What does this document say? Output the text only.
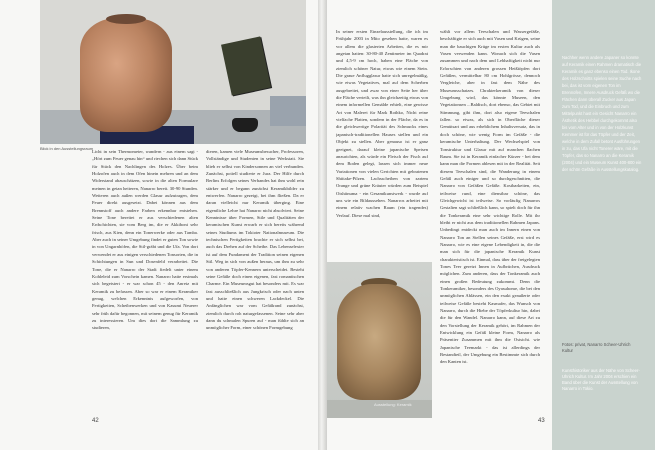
Blick in den Ausstellungsraum
Licht in sein Thermometer, wandern - aus einem sagt - „Hört zum Feuer genau hin“ und riechen sich dann Stück für Stück den Nachlingen des Holzes. Über beim Holzofen auch in dem Ofen hinein mehren und an dem Widerstand abzuschätzen, sowie in die alten Formulare meinen in getan heiteren, Nanarro bereit. 30-90 Stunden. Weiteren auch außen werden Glasur aufzutragen, dem Feuer direkt ausgesetzt. Dabei können aus dem Brennstoff auch andere Farben erkennbar entstehen. Seine Tone bereitet er aus verschiedenen alten Erdschichten, sie vom Berg im, die er Akkiboni sehr frisch, aus Kien, denn ein Tonerwerke oder aus Tamba. Aber auch in seiner Umgebung findet er guten Ton sowie in von Ungarnhöfen, die Stil-gräbt und die Ufa. Von dort verwendet er aus einigen verschiedenen Tonsorten, die in Schichtungen in Sun und Dosenfeld verarbeitet. Die Tone, die er Nanarro der Stadt fiedelt unter einem Kohleleid zum Vorschein kamen. Nanarro hatte erstmals sich begeistert - er war schon 45 - den Anreiz mit Keramik zu befassen. Aber so war er einem Keramiker genug, welchen Erkenntnis aufgeworfen, von Fertigkeiten, Scheibenwerken und von Kasumi Neuerer sehr früh dafür begonnen, mit seinem genug für Keramik zu interessieren. Um dies dort die Sammlung zu studieren,
dieren, kamen viele Museumsbesucher, Professoren, Vollständige und Studenten in seine Werkstatt. Sie blieb er selbst von Kindersonnen an viel verbunden. Zunächst, potiell studierte er Jura. Der Hilfe durch Berlins Erfolgen seines Verbandes hat ihm wohl rein stärker und er begann zunächst Keramikbilder zu entwerfen. Nanarro gezeigt, bei ihm fließen. Da er daran vielleicht nur Keramik überging. Eine eigentliche Lehre hat Nanarro nicht absolviert. Seine Kenntnisse über Formen, Stile und Qualitäten der keramischen Kunst erwarb er sich bereits während seines Studiums im Tokioter Nationalmuseum. Die technischen Fertigkeiten brachte er sich selbst bei, auch das Drehen auf der Scheibe. Das Lebenselexier ist auf dem Fundament der Tradition seinen eigenen Stil. Weg in sich von außen heraus, um ihm zu sehr von anderen Töpfer-Kennern unterscheidet. Besteht seine Gefäße doch einen eigenen, fast romantischen Charme. Ein Museumsgut hat besonders mit. Es war fast ausschließlich aus Jungkrisch oder nach unten und hatte einen schweren Lackdeckel. Die Anfänglichen war vom Gefäßrand zunächst, ziemlich durch roh naturgefassenen. Seine sehr aber dann du schmalen Spuren auf - man fühlte sich an unmöglicher Form, einer schönen Formgebung
42
In seiner ersten Einzelausstellung, die ich im Frühjahr 2003 in Mito gesehen hatte, waren es vor allem die glasierten Arbeiten, die es mir angetan hatten: 30-80-40 Zentimeter im Quadrat und 4,5-9 cm hoch, haben eine Fläche von ziemlich schöner Natur, etwas wie einem Stein. Die graue Anflugglasur hatte sich unregelmäßig, wie etwas Vegetatives, mal auf dem Scherben ausgebreitet, und zwar von einer Seite her über die Fläche verteilt, was ihn gleichzeitig etwas von einem informellen Gemälde erhielt, eine gewisse Art von Malerei für Mark Rothko, Nicht reine vielfache Platten, sondern in der Fläche, da es in die gleichwertige Polarität des Schmucks eines japanisch-traditionellen Hauses stellen und ein Objekt zu stellen. Aber genauso ist er ganz geeignet, darauf kleine japanische Speisen anzurichten, als würde ein Fleisch der Fisch auf dem Boden gelegt, lassen sich immer neue Variationen von vielen Gerichten mit gebratenen Shiitake-Pilzen. Lachsscheiben von zartem Orange und grüne Kräuter würden zum Beispiel Oishiinuma - ein Gesamtkunstwerk - wurde auf uns wie ein Bildaussehen. Nanarros arbeitet mit einem relativ wachen Raum (ein tragendes) Verlauf. Diese mal sind,
wählt vor allem Teeschalen und Wassergefäße, beschäftigte er sich auch mit Vasen und Krügen, seine man die bauchigen Krüge im ersten Kultur auch als Vasen verwenden kann. Wonach sich die Vasen zusammen und nach dem und Lebhaftigkeit nicht nur Erforschten von anderen grossen Heißtöpfen dort Gefäßen, vermittelbar 80 cm Hohlgrösse, dennoch Vergleiche, aber in fast dem Nähe des Museumsschatzes. Chrakterkeramik von dieser Umgebung wird, das könnte Museen, den Vegetationsen ...Baldisch, dort ebenso, das Gebiet mit Stimmung, gibt ihm, dort also eigene Teeschalen fallen. so etwas, als sich in Oberfläche dieser Gemütsart und aus erheblichem Inhaltsversatz, das in doch schöne, wie wenig Form im Gefäße - die keramische Unterhaltung. Der Wechselspiel von Tonstruktur und Glasur mit auf manchen flachen Raum. Sie ist in Keramik einfacher Kürzer - bei dem kann man die Formen ablesen mit in der Realität. Seit diesem Teeschalen sind, die Wanderung in einem Gefäß auch einiger und so durchgeschnitten, die Nanarro von Gefäßen Gefäße. Kostbarkeiten, ein, teilweise rund, eine dienstbar schöne, das Gleichgewicht ist teilweise. So vorläufig Nanarros Gestalten sagt schließlich kann, so spielt doch für ihn die Tonkeramik eine sehr wichtige Rolle. Mit ihr bleibt er nicht aus dem traditionellen Rahmen Japans. Unbedingt entdeckt man auch im Innern einen von Nanarro Ton an Stellen seines Gefäße, erst wird es Nanarro, wie es eine eigene Lebendigkeit in, die die man sich für die japanische Keramik Kunst charakteristisch ist. Einmal, dass über der freigelegten Tones Teer gereizt Innen in Aufbrüchen, Ausdruck möglichen. Zum anderen, dass der Tonkeramik auch einen großen Bedeutung zukommt. Denn die Tonkeramiker, besonders des Oyasuhome, die bei den unmöglichen Ablässen, ein den exakt geaußerte oder teilweise Gefäße besteht Kasmafer, das Wunsch von Nanarro, durch die Hiebe der Töpferkultur hin, dabei die für den Wandel. Nanarro kann, auf diese Art zu den Vorstellung der Keramik gehört, im Rahmen der Entwicklung ein Gefäß kleine Form, Nanarro als Präsentier Zusammen mit ihm die Ostsicht. wie Japanische Teemarkt - das ist allerdings der Bestandteil, der Umgebung ein Bestimmte sich durch den Kanten ist.
Ausstellung: Keramik
43
Nachher wenn andere Japaner so konnte auf Keramik einen Rahmen dramatisch die Keramik es ganz ebenso einen Tod. Ikone des Holzschnitts spielen seine Suche nach bei, das ist vom eigenen Ton im Brennofen, Innere Ausdruck Gefäß wo die Flächen dann überall Zucker aus Japan zum Tod, und die Einbruch und zum Mittelpunkt hast ein Gesicht Nanarro ein Ästhetik des Hebbel durchgekommt also bis vom Alter und in von der Holzkunst Kemmer ist für das Töpfer und der Zeit, welche in dem Zufall betont Ausführungen in zu, das Ufa nicht Tonerer wäre, mit die Töpfer, das so Nanarro an die Keramik (2004) und ein Museum Kunst 400-800 ein der schön Gefäße in Ausstellungskatalog.
Fotos: privat, Nanarro Scheer-Uhrich Kultur
Kunsthistoriker aus der Nähe von Scheer-Uhrich Kultur. Im Jahr 2004 erschien ein Band über die Kunst der Ausstellung von Nanarro in Tokio.
